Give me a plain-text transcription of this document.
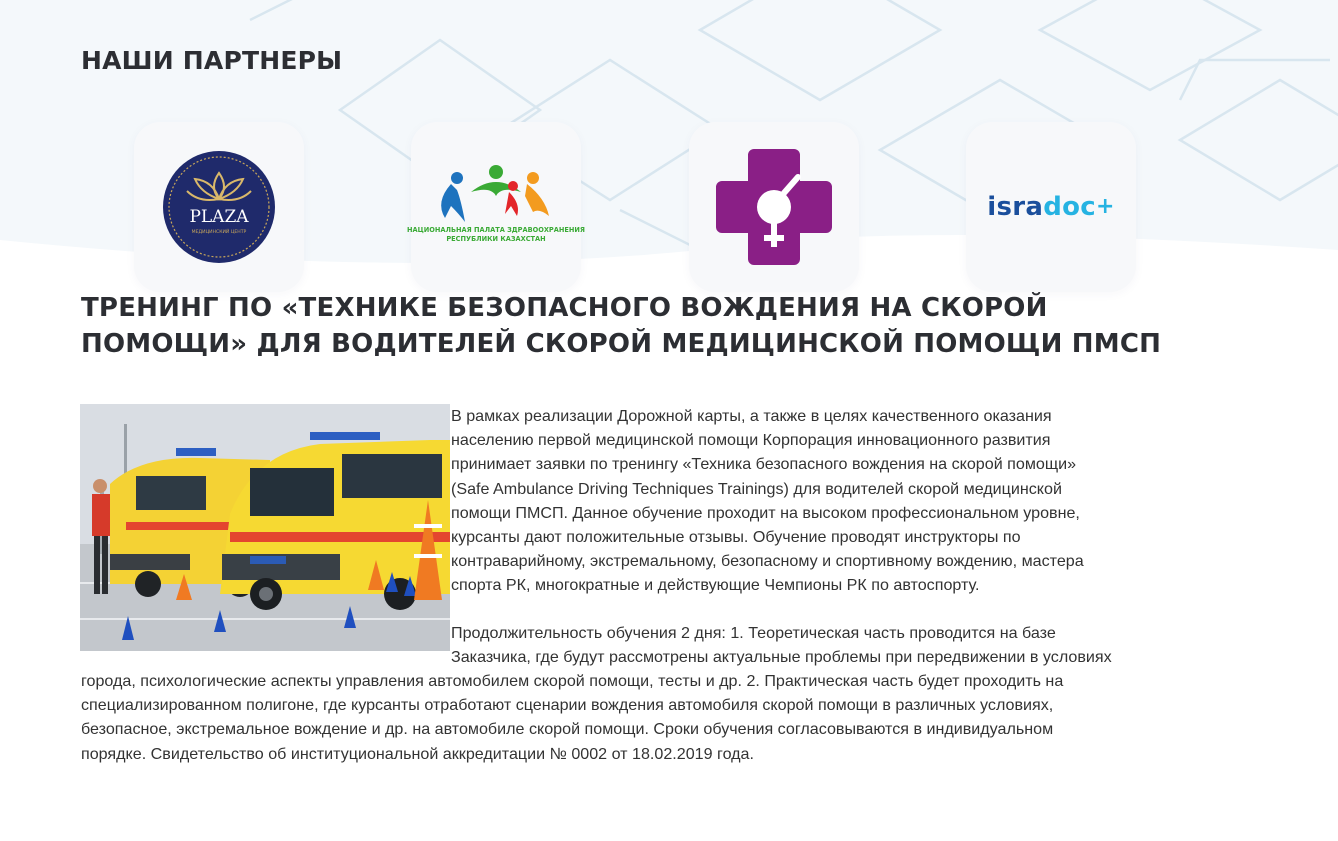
НАШИ ПАРТНЕРЫ
PLAZA
МЕДИЦИНСКИЙ ЦЕНТР	НАЦИОНАЛЬНАЯ ПАЛАТА ЗДРАВООХРАНЕНИЯ
РЕСПУБЛИКИ КАЗАХСТАН
isradoc+
ТРЕНИНГ ПО «ТЕХНИКЕ БЕЗОПАСНОГО ВОЖДЕНИЯ НА СКОРОЙ
ПОМОЩИ» ДЛЯ ВОДИТЕЛЕЙ СКОРОЙ МЕДИЦИНСКОЙ ПОМОЩИ ПМСП

В рамках реализации Дорожной карты, а также в целях качественного оказания
населению первой медицинской помощи Корпорация инновационного развития
принимает заявки по тренингу «Техника безопасного вождения на скорой помощи»
(Safe Ambulance Driving Techniques Trainings) для водителей скорой медицинской
помощи ПМСП. Данное обучение проходит на высоком профессиональном уровне,
курсанты дают положительные отзывы. Обучение проводят инструкторы по
контраварийному, экстремальному, безопасному и спортивному вождению, мастера
спорта РК, многократные и действующие Чемпионы РК по автоспорту.

Продолжительность обучения 2 дня: 1. Теоретическая часть проводится на базе
Заказчика, где будут рассмотрены актуальные проблемы при передвижении в условиях

города, психологические аспекты управления автомобилем скорой помощи, тесты и др. 2. Практическая часть будет проходить на
специализированном полигоне, где курсанты отработают сценарии вождения автомобиля скорой помощи в различных условиях,
безопасное, экстремальное вождение и др. на автомобиле скорой помощи. Сроки обучения согласовываются в индивидуальном
порядке. Свидетельство об институциональной аккредитации № 0002 от 18.02.2019 года.
